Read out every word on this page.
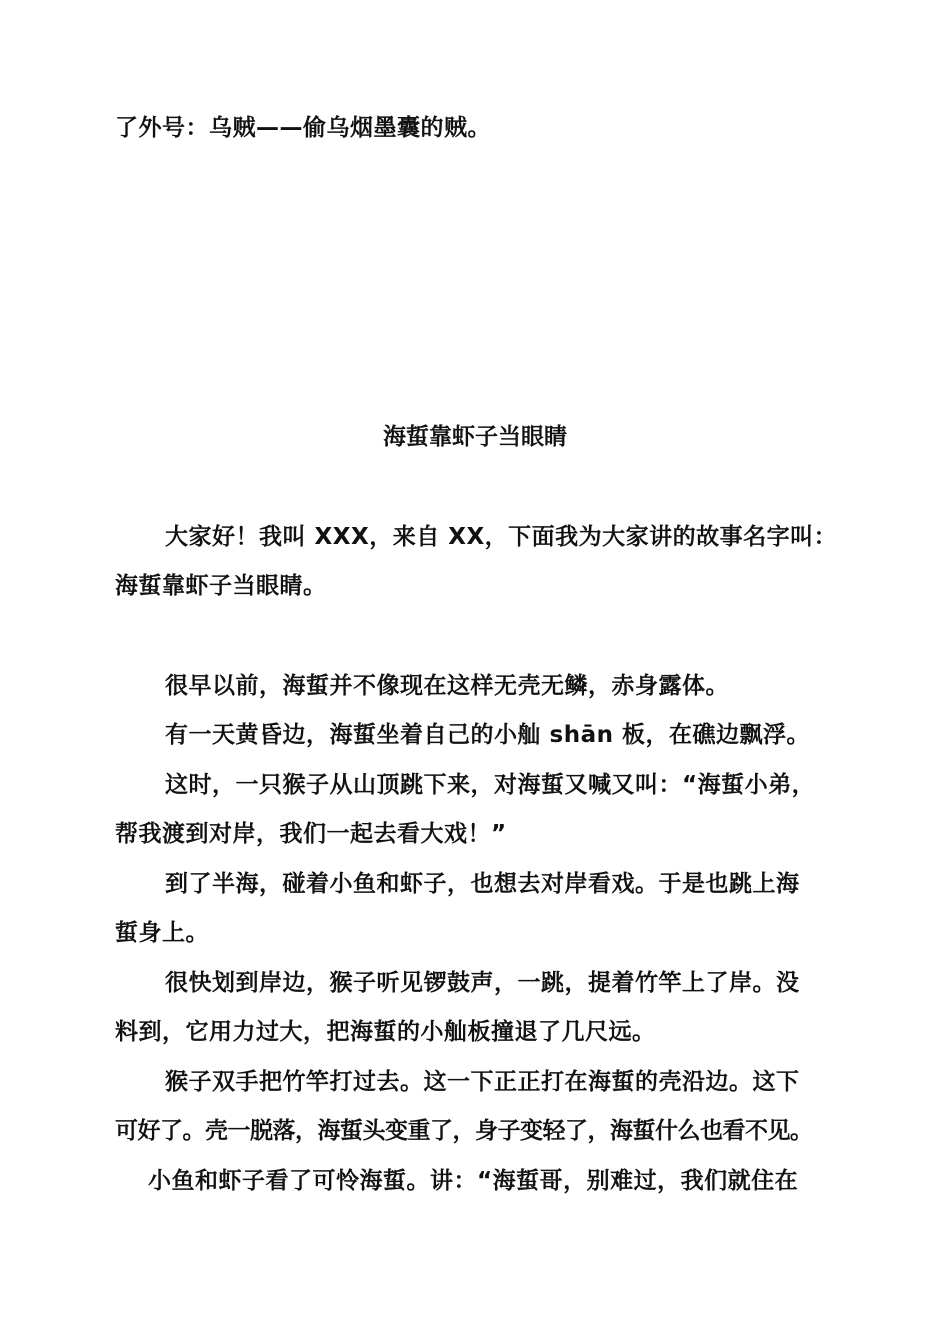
了外号：乌贼——偷乌烟墨囊的贼。
海蜇靠虾子当眼睛
大家好！我叫 XXX，来自 XX，下面我为大家讲的故事名字叫：
海蜇靠虾子当眼睛。
很早以前，海蜇并不像现在这样无壳无鳞，赤身露体。
有一天黄昏边，海蜇坐着自己的小舢 shān 板，在礁边飘浮。
这时，一只猴子从山顶跳下来，对海蜇又喊又叫：“海蜇小弟，
帮我渡到对岸，我们一起去看大戏！”
到了半海，碰着小鱼和虾子，也想去对岸看戏。于是也跳上海
蜇身上。
很快划到岸边，猴子听见锣鼓声，一跳，提着竹竿上了岸。没
料到，它用力过大，把海蜇的小舢板撞退了几尺远。
猴子双手把竹竿打过去。这一下正正打在海蜇的壳沿边。这下
可好了。壳一脱落，海蜇头变重了，身子变轻了，海蜇什么也看不见。
小鱼和虾子看了可怜海蜇。讲：“海蜇哥，别难过，我们就住在
